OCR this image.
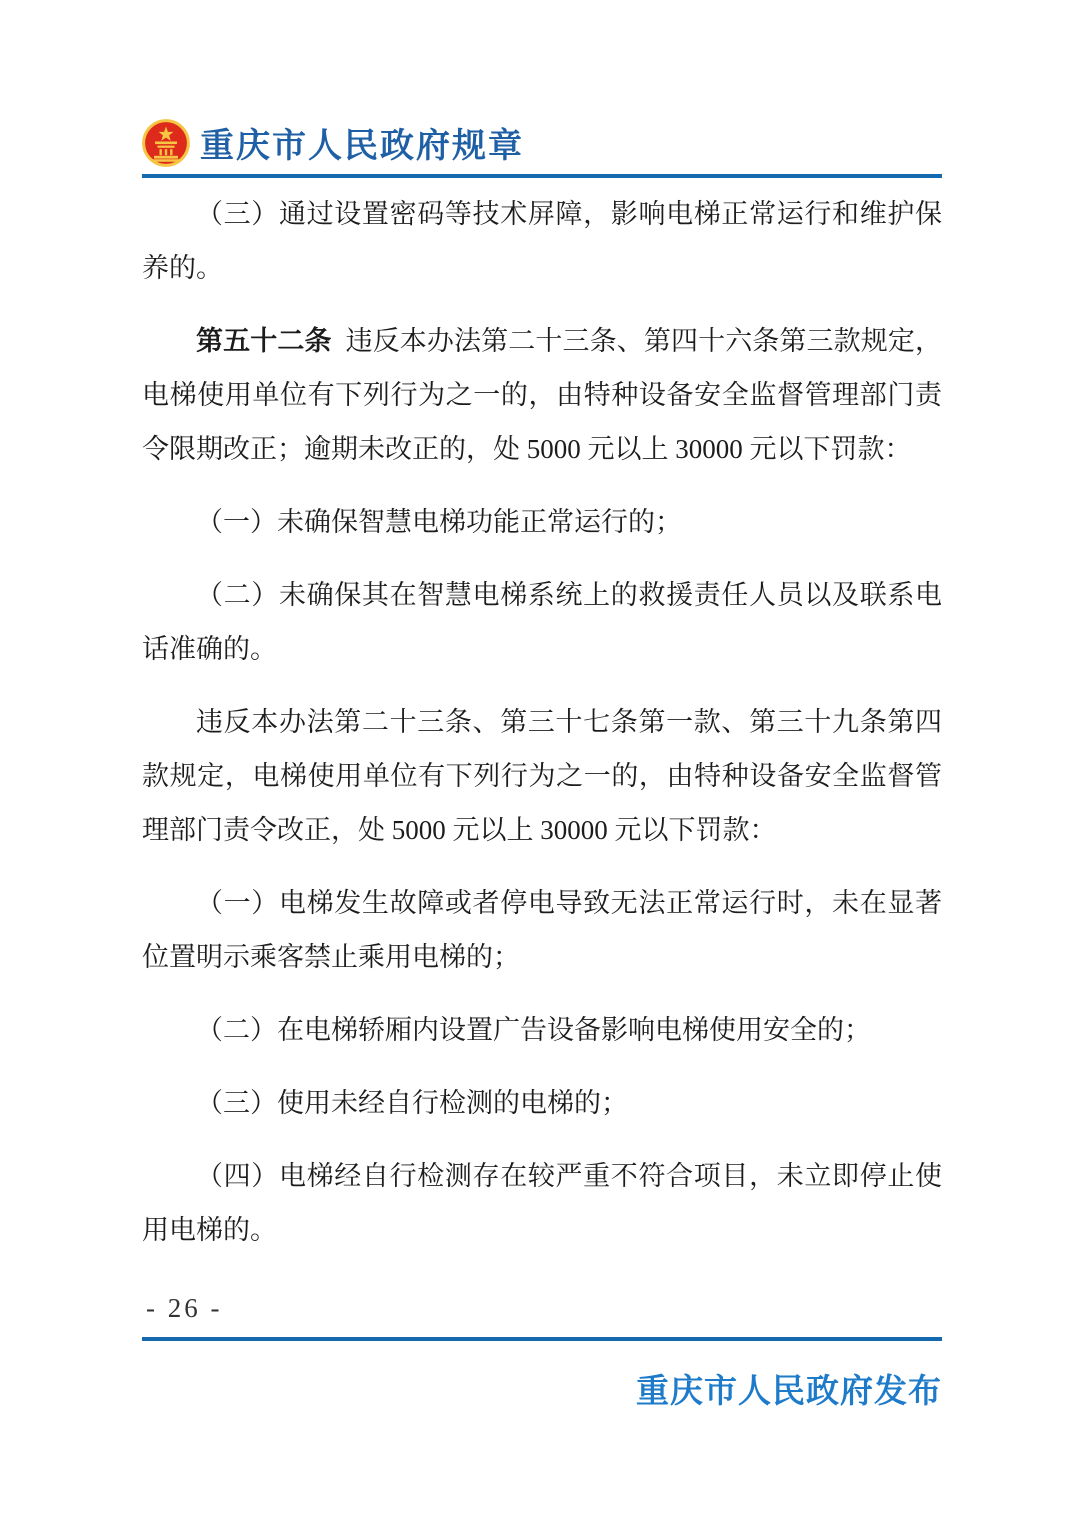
重庆市人民政府规章

（三）通过设置密码等技术屏障，影响电梯正常运行和维护保养的。

第五十二条 违反本办法第二十三条、第四十六条第三款规定，电梯使用单位有下列行为之一的，由特种设备安全监督管理部门责令限期改正；逾期未改正的，处 5000 元以上 30000 元以下罚款：

（一）未确保智慧电梯功能正常运行的；

（二）未确保其在智慧电梯系统上的救援责任人员以及联系电话准确的。

违反本办法第二十三条、第三十七条第一款、第三十九条第四款规定，电梯使用单位有下列行为之一的，由特种设备安全监督管理部门责令改正，处 5000 元以上 30000 元以下罚款：

（一）电梯发生故障或者停电导致无法正常运行时，未在显著位置明示乘客禁止乘用电梯的；

（二）在电梯轿厢内设置广告设备影响电梯使用安全的；

（三）使用未经自行检测的电梯的；

（四）电梯经自行检测存在较严重不符合项目，未立即停止使用电梯的。

- 26 -
重庆市人民政府发布
